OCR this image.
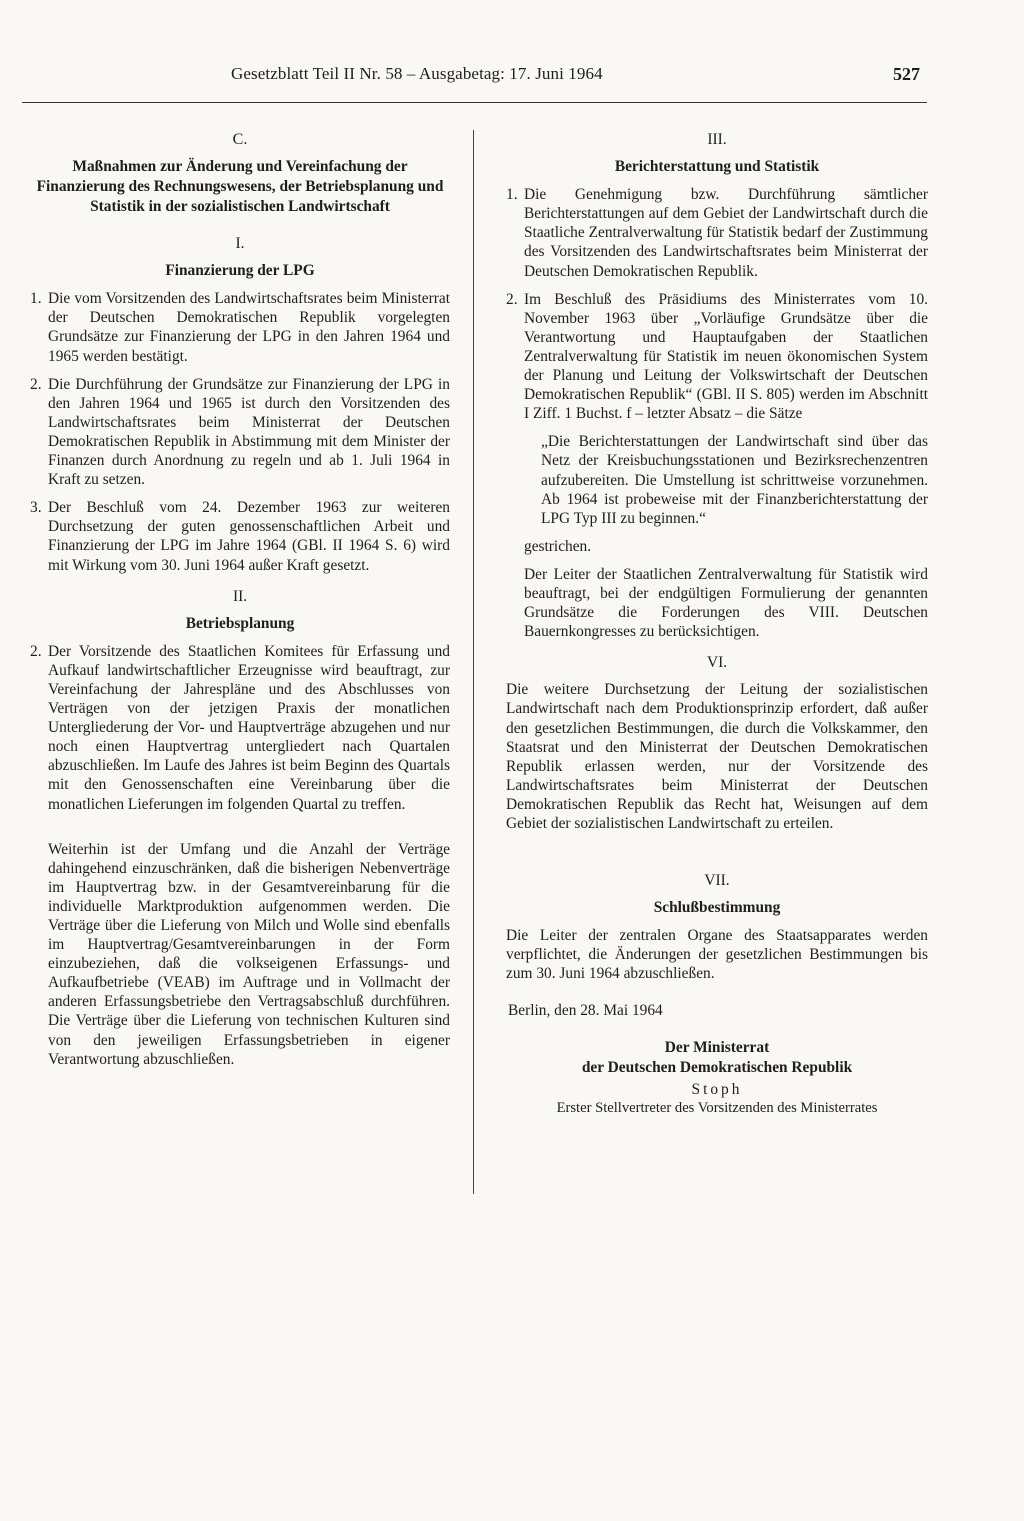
Gesetzblatt Teil II Nr. 58 – Ausgabetag: 17. Juni 1964	527
C.
Maßnahmen zur Änderung und Vereinfachung der Finanzierung des Rechnungswesens, der Betriebsplanung und Statistik in der sozialistischen Landwirtschaft
I.
Finanzierung der LPG
1. Die vom Vorsitzenden des Landwirtschaftsrates beim Ministerrat der Deutschen Demokratischen Republik vorgelegten Grundsätze zur Finanzierung der LPG in den Jahren 1964 und 1965 werden bestätigt.
2. Die Durchführung der Grundsätze zur Finanzierung der LPG in den Jahren 1964 und 1965 ist durch den Vorsitzenden des Landwirtschaftsrates beim Ministerrat der Deutschen Demokratischen Republik in Abstimmung mit dem Minister der Finanzen durch Anordnung zu regeln und ab 1. Juli 1964 in Kraft zu setzen.
3. Der Beschluß vom 24. Dezember 1963 zur weiteren Durchsetzung der guten genossenschaftlichen Arbeit und Finanzierung der LPG im Jahre 1964 (GBl. II 1964 S. 6) wird mit Wirkung vom 30. Juni 1964 außer Kraft gesetzt.
II.
Betriebsplanung
2. Der Vorsitzende des Staatlichen Komitees für Erfassung und Aufkauf landwirtschaftlicher Erzeugnisse wird beauftragt, zur Vereinfachung der Jahrespläne und des Abschlusses von Verträgen von der jetzigen Praxis der monatlichen Untergliederung der Vor- und Hauptverträge abzugehen und nur noch einen Hauptvertrag untergliedert nach Quartalen abzuschließen. Im Laufe des Jahres ist beim Beginn des Quartals mit den Genossenschaften eine Vereinbarung über die monatlichen Lieferungen im folgenden Quartal zu treffen.
Weiterhin ist der Umfang und die Anzahl der Verträge dahingehend einzuschränken, daß die bisherigen Nebenverträge im Hauptvertrag bzw. in der Gesamtvereinbarung für die individuelle Marktproduktion aufgenommen werden. Die Verträge über die Lieferung von Milch und Wolle sind ebenfalls im Hauptvertrag/Gesamtvereinbarungen in der Form einzubeziehen, daß die volkseigenen Erfassungs- und Aufkaufbetriebe (VEAB) im Auftrage und in Vollmacht der anderen Erfassungsbetriebe den Vertragsabschluß durchführen. Die Verträge über die Lieferung von technischen Kulturen sind von den jeweiligen Erfassungsbetrieben in eigener Verantwortung abzuschließen.
III.
Berichterstattung und Statistik
1. Die Genehmigung bzw. Durchführung sämtlicher Berichterstattungen auf dem Gebiet der Landwirtschaft durch die Staatliche Zentralverwaltung für Statistik bedarf der Zustimmung des Vorsitzenden des Landwirtschaftsrates beim Ministerrat der Deutschen Demokratischen Republik.
2. Im Beschluß des Präsidiums des Ministerrates vom 10. November 1963 über „Vorläufige Grundsätze über die Verantwortung und Hauptaufgaben der Staatlichen Zentralverwaltung für Statistik im neuen ökonomischen System der Planung und Leitung der Volkswirtschaft der Deutschen Demokratischen Republik“ (GBl. II S. 805) werden im Abschnitt I Ziff. 1 Buchst. f – letzter Absatz – die Sätze
„Die Berichterstattungen der Landwirtschaft sind über das Netz der Kreisbuchungsstationen und Bezirksrechenzentren aufzubereiten. Die Umstellung ist schrittweise vorzunehmen. Ab 1964 ist probeweise mit der Finanzberichterstattung der LPG Typ III zu beginnen.“
gestrichen.
Der Leiter der Staatlichen Zentralverwaltung für Statistik wird beauftragt, bei der endgültigen Formulierung der genannten Grundsätze die Forderungen des VIII. Deutschen Bauernkongresses zu berücksichtigen.
VI.
Die weitere Durchsetzung der Leitung der sozialistischen Landwirtschaft nach dem Produktionsprinzip erfordert, daß außer den gesetzlichen Bestimmungen, die durch die Volkskammer, den Staatsrat und den Ministerrat der Deutschen Demokratischen Republik erlassen werden, nur der Vorsitzende des Landwirtschaftsrates beim Ministerrat der Deutschen Demokratischen Republik das Recht hat, Weisungen auf dem Gebiet der sozialistischen Landwirtschaft zu erteilen.
VII.
Schlußbestimmung
Die Leiter der zentralen Organe des Staatsapparates werden verpflichtet, die Änderungen der gesetzlichen Bestimmungen bis zum 30. Juni 1964 abzuschließen.
Berlin, den 28. Mai 1964
Der Ministerrat
der Deutschen Demokratischen Republik
Stoph
Erster Stellvertreter des Vorsitzenden des Ministerrates
